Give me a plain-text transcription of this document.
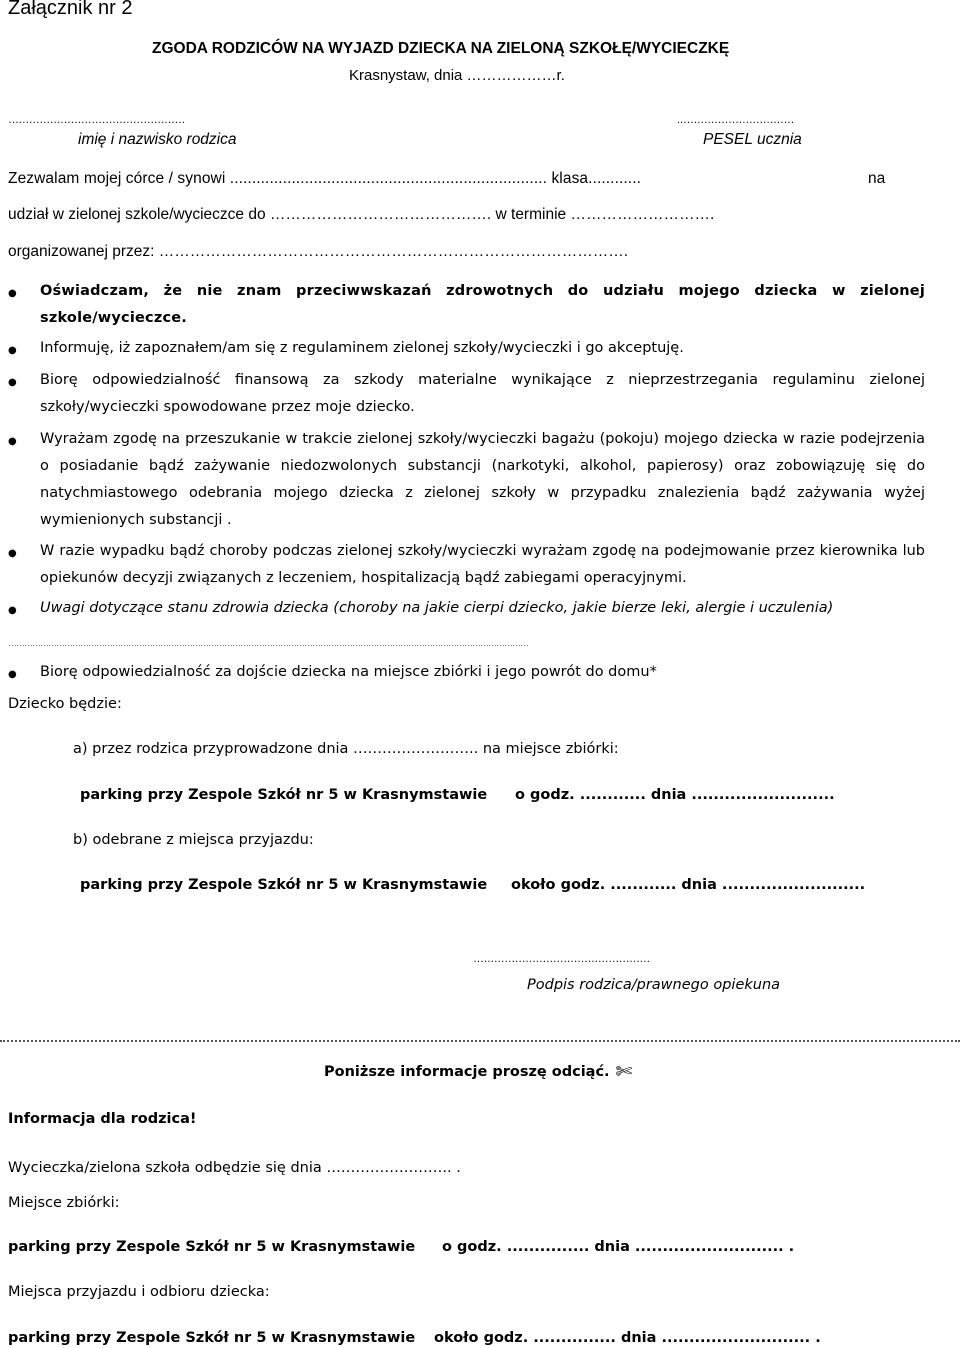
Załącznik nr 2
ZGODA RODZICÓW NA WYJAZD DZIECKA NA ZIELONĄ SZKOŁĘ/WYCIECZKĘ
Krasnystaw, dnia ………………r.
……………………………………………
imię i nazwisko rodzica
.……………………………
PESEL ucznia
Zezwalam mojej córce / synowi ........................................................................ klasa............	na
udział w zielonej szkole/wycieczce do ……………………………………. w terminie ……………………….
organizowanej przez: ……………………………………………………………………………….
● Oświadczam, że nie znam przeciwwskazań zdrowotnych do udziału mojego dziecka w zielonej szkole/wycieczce.
● Informuję, iż zapoznałem/am się z regulaminem zielonej szkoły/wycieczki i go akceptuję.
● Biorę odpowiedzialność finansową za szkody materialne wynikające z nieprzestrzegania regulaminu zielonej szkoły/wycieczki spowodowane przez moje dziecko.
● Wyrażam zgodę na przeszukanie w trakcie zielonej szkoły/wycieczki bagażu (pokoju) mojego dziecka w razie podejrzenia o posiadanie bądź zażywanie niedozwolonych substancji (narkotyki, alkohol, papierosy) oraz zobowiązuję się do natychmiastowego odebrania mojego dziecka z zielonej szkoły w przypadku znalezienia bądź zażywania wyżej wymienionych substancji .
● W razie wypadku bądź choroby podczas zielonej szkoły/wycieczki wyrażam zgodę na podejmowanie przez kierownika lub opiekunów decyzji związanych z leczeniem, hospitalizacją bądź zabiegami operacyjnymi.
● Uwagi dotyczące stanu zdrowia dziecka (choroby na jakie cierpi dziecko, jakie bierze leki, alergie i uczulenia)
……………………………………………………………………………………………………………………………………………………………………………
● Biorę odpowiedzialność za dojście dziecka na miejsce zbiórki i jego powrót do domu*
Dziecko będzie:
a) przez rodzica przyprowadzone dnia …………………….. na miejsce zbiórki:
parking przy Zespole Szkół nr 5 w Krasnymstawie o godz. ............ dnia ..........................
b) odebrane z miejsca przyjazdu:
parking przy Zespole Szkół nr 5 w Krasnymstawie około godz. ............ dnia ..........................
……………………………………………
Podpis rodzica/prawnego opiekuna
Poniższe informacje proszę odciąć. ✄
Informacja dla rodzica!
Wycieczka/zielona szkoła odbędzie się dnia …………………….. .
Miejsce zbiórki:
parking przy Zespole Szkół nr 5 w Krasnymstawie o godz. ............... dnia ........................... .
Miejsca przyjazdu i odbioru dziecka:
parking przy Zespole Szkół nr 5 w Krasnymstawie około godz. ............... dnia ........................... .
